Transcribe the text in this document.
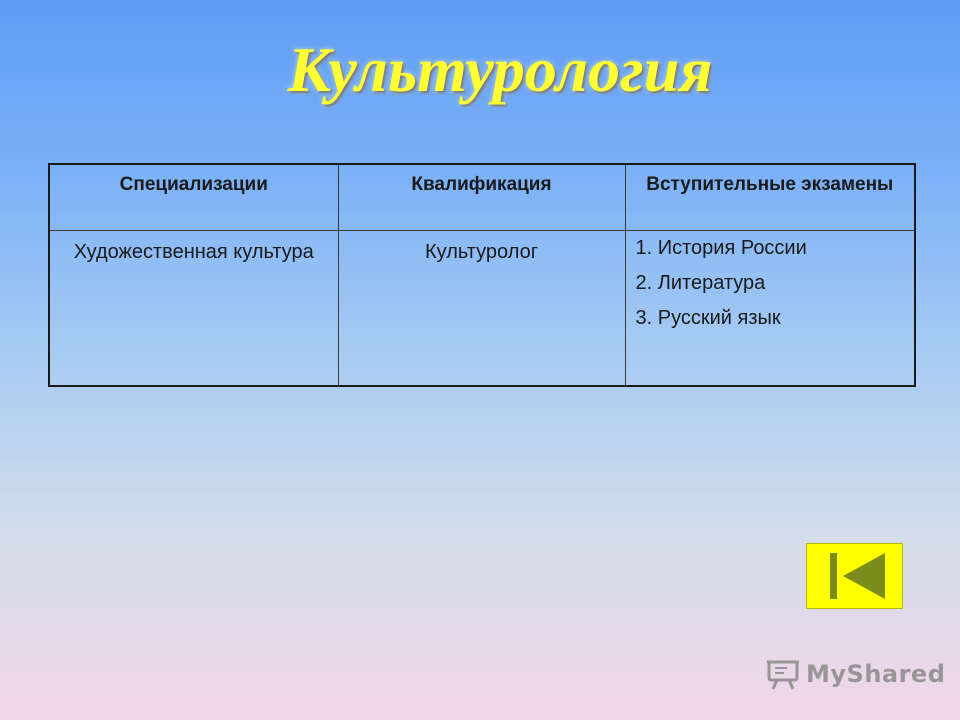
Культурология
Специализации	Квалификация	Вступительные экзамены
Художественная культура	Культуролог	1. История России
2. Литература
3. Русский язык
MyShared
